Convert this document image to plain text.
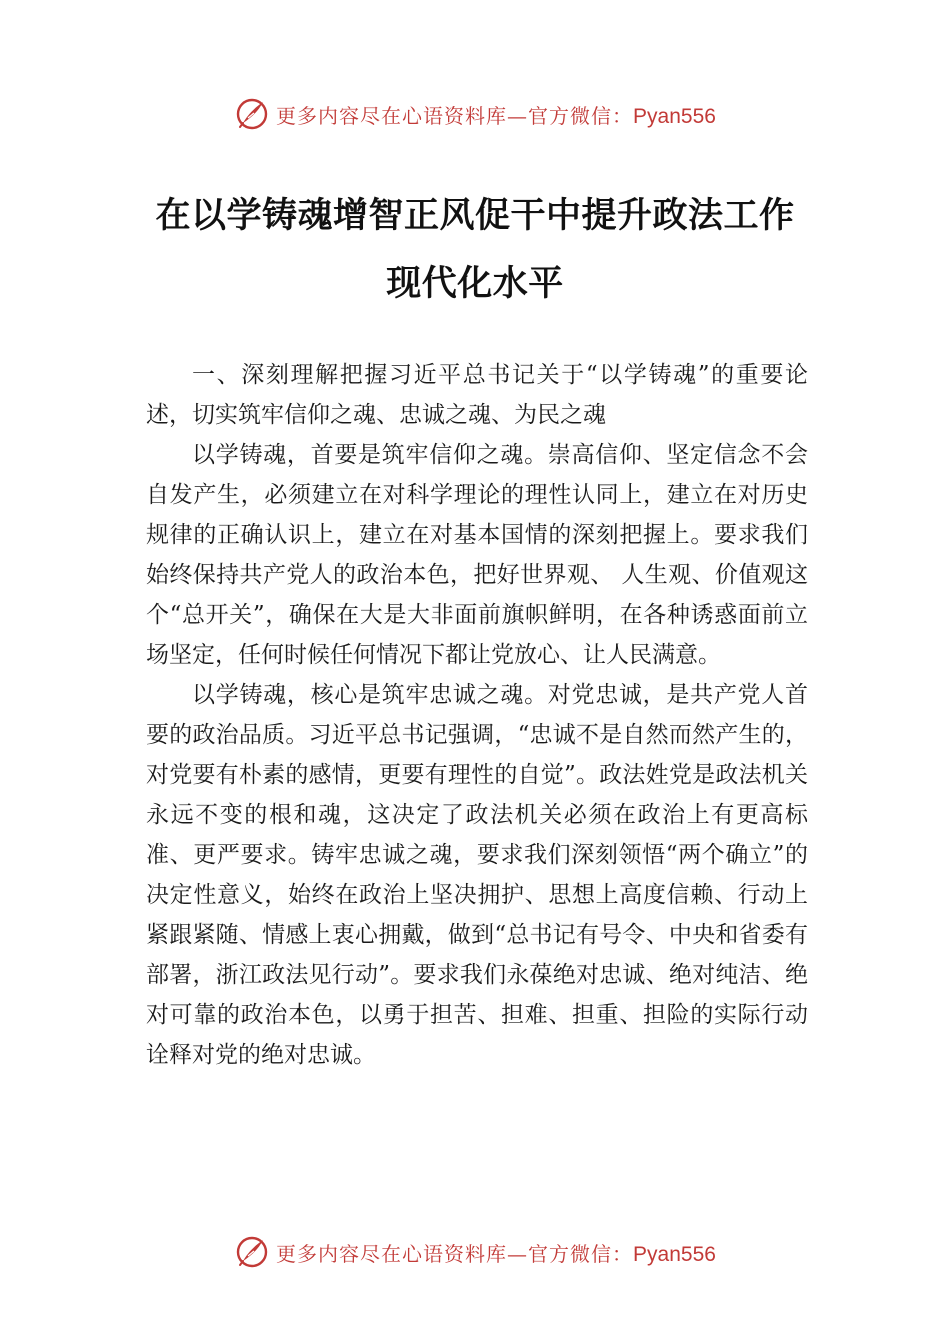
更多内容尽在心语资料库—官方微信：Pyan556
在以学铸魂增智正风促干中提升政法工作
现代化水平

一、深刻理解把握习近平总书记关于“以学铸魂”的重要论述，切实筑牢信仰之魂、忠诚之魂、为民之魂

以学铸魂，首要是筑牢信仰之魂。崇高信仰、坚定信念不会自发产生，必须建立在对科学理论的理性认同上，建立在对历史规律的正确认识上，建立在对基本国情的深刻把握上。要求我们始终保持共产党人的政治本色，把好世界观、 人生观、价值观这个“总开关”，确保在大是大非面前旗帜鲜明，在各种诱惑面前立场坚定，任何时候任何情况下都让党放心、让人民满意。

以学铸魂，核心是筑牢忠诚之魂。对党忠诚，是共产党人首要的政治品质。习近平总书记强调，“忠诚不是自然而然产生的，对党要有朴素的感情，更要有理性的自觉”。政法姓党是政法机关永远不变的根和魂，这决定了政法机关必须在政治上有更高标准、更严要求。铸牢忠诚之魂，要求我们深刻领悟“两个确立”的决定性意义，始终在政治上坚决拥护、思想上高度信赖、行动上紧跟紧随、情感上衷心拥戴，做到“总书记有号令、中央和省委有部署，浙江政法见行动”。要求我们永葆绝对忠诚、绝对纯洁、绝对可靠的政治本色，以勇于担苦、担难、担重、担险的实际行动诠释对党的绝对忠诚。

更多内容尽在心语资料库—官方微信：Pyan556
